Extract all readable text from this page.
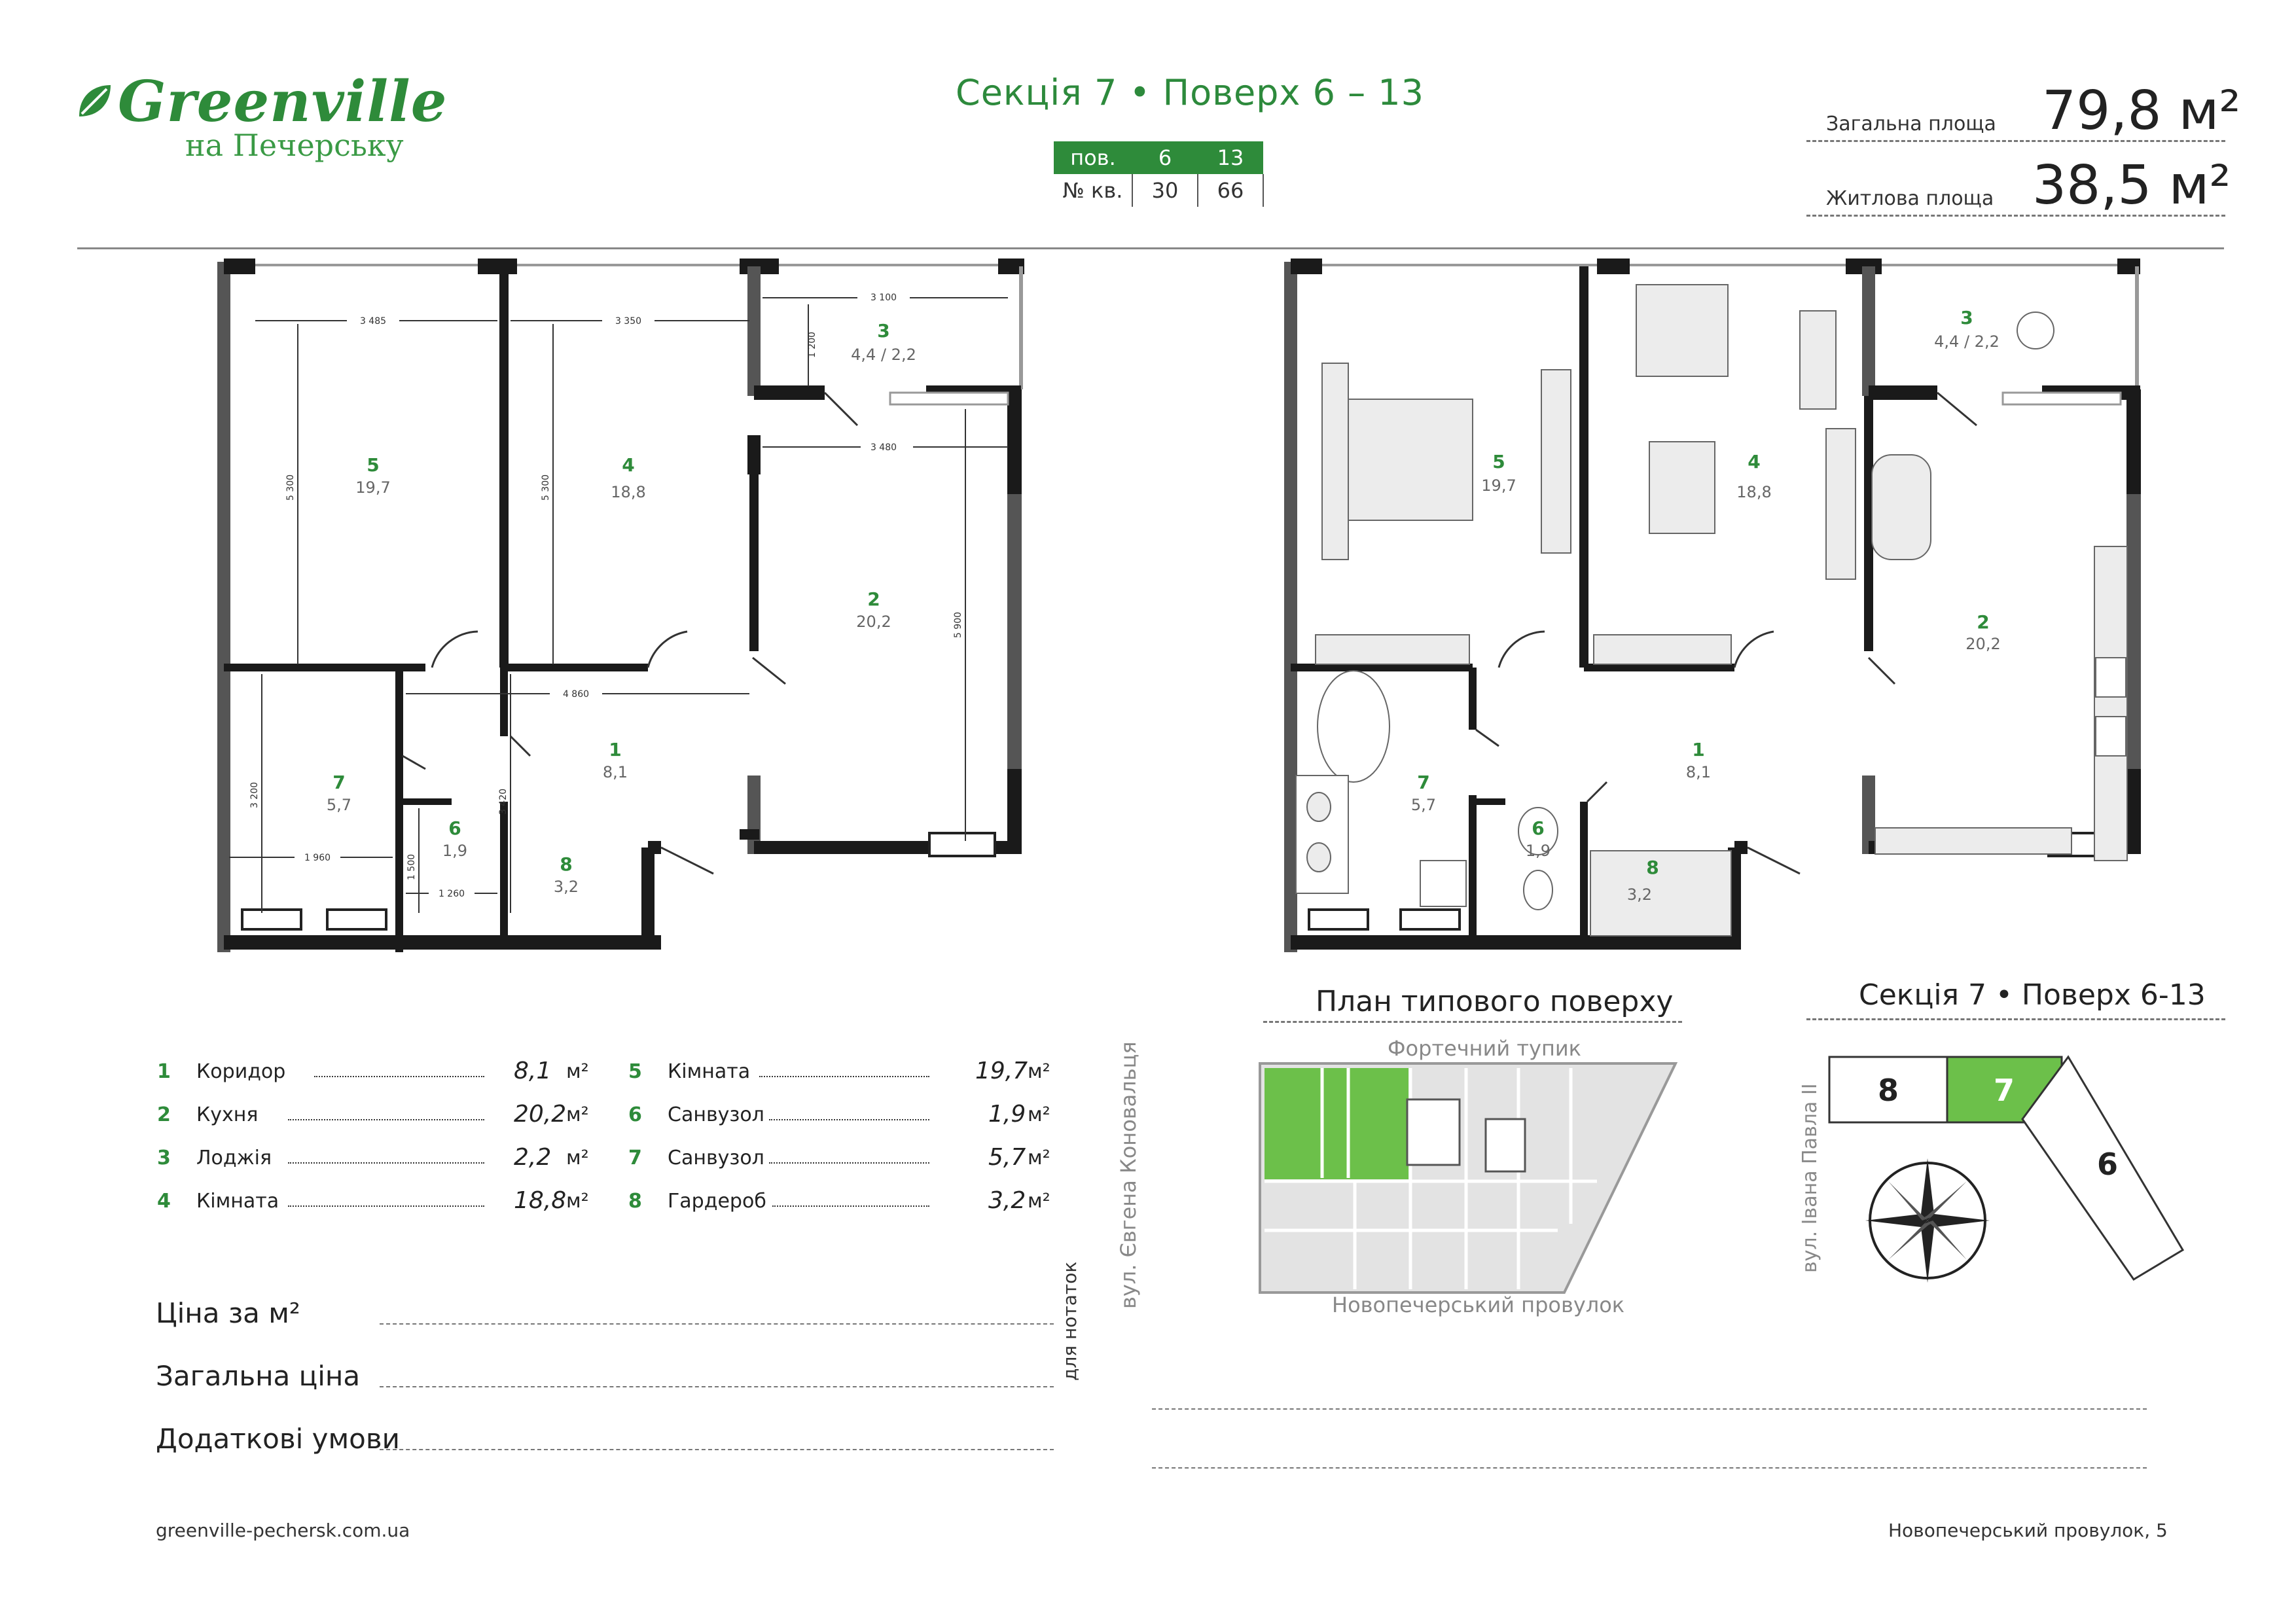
Greenville
на Печерську
Секція 7 • Поверх 6 – 13
пов.	6	13
№ кв.	30	66
Загальна площа 79,8 м²
Житлова площа 38,5 м²
3 485	3 350
3 100
1 200
3 480
5 300	5 300
5 900
4 860
3 200	3 420
1 960	1 500
1 260
5
19,7
4
18,8
3
4,4 / 2,2
2
20,2
1
8,1
7
5,7
6
1,9
8
3,2
5
19,7
4
18,8
3
4,4 / 2,2
2
20,2
1
8,1
7
5,7
6
1,9
8
3,2
1 Коридор	8,1 м²
2 Кухня	20,2 м²
3 Лоджія	2,2 м²
4 Кімната	18,8 м²
5 Кімната	19,7 м²
6 Санвузол	1,9 м²
7 Санвузол	5,7 м²
8 Гардероб	3,2 м²
Ціна за м²
Загальна ціна
Додаткові умови
для нотаток
План типового поверху
Фортечний тупик
Новопечерський провулок
вул. Євгена Коновальця
Секція 7 • Поверх 6-13
вул. Івана Павла II 8	7
6
greenville-pechersk.com.ua	Новопечерський провулок, 5
